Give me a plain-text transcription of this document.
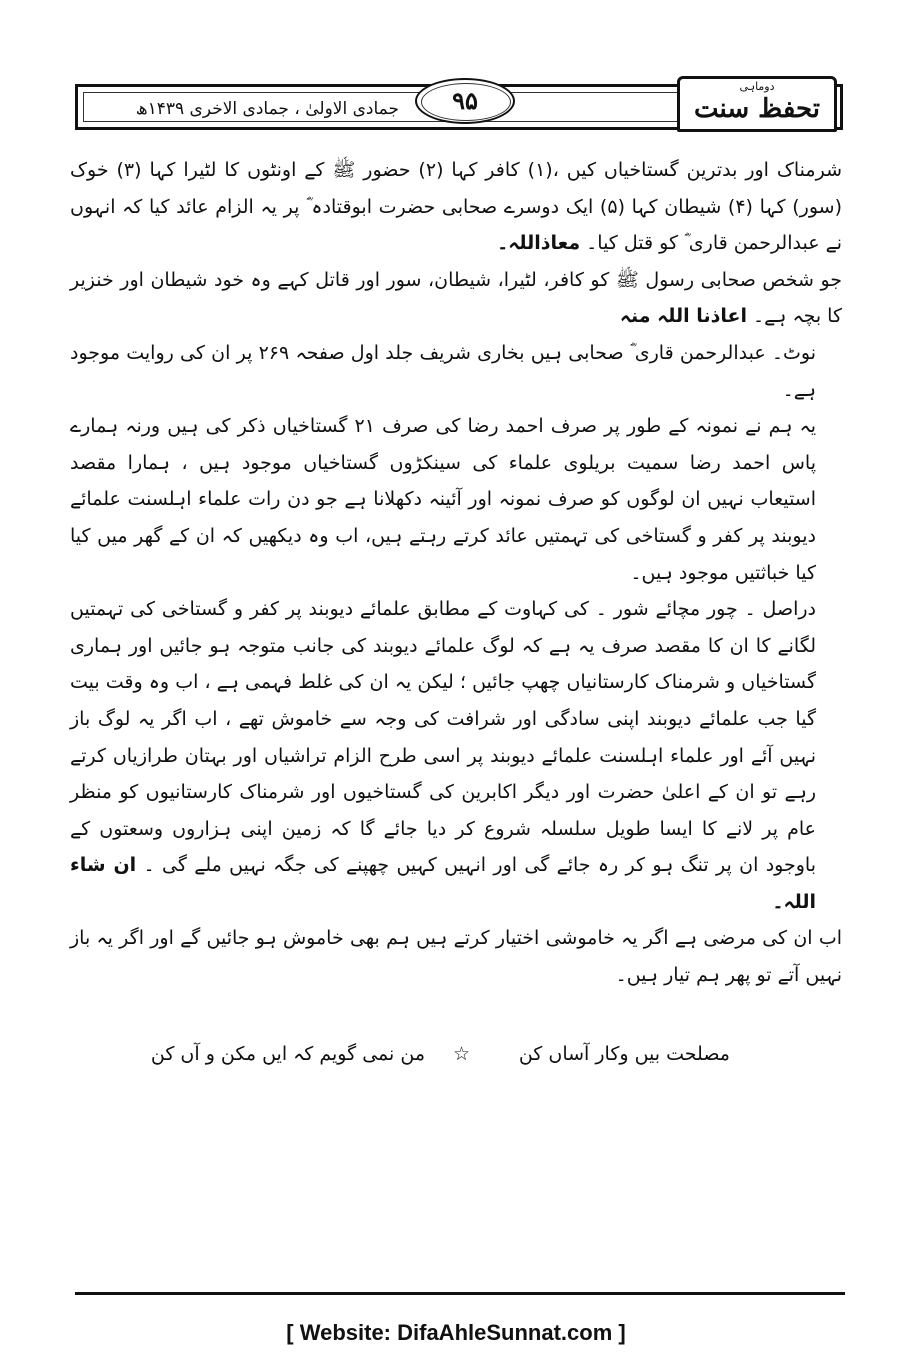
جمادی الاولیٰ ، جمادی الاخری ۱۴۳۹ھ	۹۵	دوماہی
تحفظ سنت

شرمناک اور بدترین گستاخیاں کیں ،(۱) کافر کہا (۲) حضور ﷺ کے اونٹوں کا لٹیرا کہا (۳) خوک (سور) کہا (۴) شیطان کہا (۵) ایک دوسرے صحابی حضرت ابوقتادہ ؓ پر یہ الزام عائد کیا کہ انہوں نے عبدالرحمن قاری ؓ کو قتل کیا۔ معاذاللہ۔

جو شخص صحابی رسول ﷺ کو کافر، لٹیرا، شیطان، سور اور قاتل کہے وہ خود شیطان اور خنزیر کا بچہ ہے۔ اعاذنا اللہ منہ

نوٹ۔ عبدالرحمن قاری ؓ صحابی ہیں بخاری شریف جلد اول صفحہ ۲۶۹ پر ان کی روایت موجود ہے۔

یہ ہم نے نمونہ کے طور پر صرف احمد رضا کی صرف ۲۱ گستاخیاں ذکر کی ہیں ورنہ ہمارے پاس احمد رضا سمیت بریلوی علماء کی سینکڑوں گستاخیاں موجود ہیں ، ہمارا مقصد استیعاب نہیں ان لوگوں کو صرف نمونہ اور آئینہ دکھلانا ہے جو دن رات علماء اہلسنت علمائے دیوبند پر کفر و گستاخی کی تہمتیں عائد کرتے رہتے ہیں، اب وہ دیکھیں کہ ان کے گھر میں کیا کیا خباثتیں موجود ہیں۔

دراصل ۔ چور مچائے شور ۔ کی کہاوت کے مطابق علمائے دیوبند پر کفر و گستاخی کی تہمتیں لگانے کا ان کا مقصد صرف یہ ہے کہ لوگ علمائے دیوبند کی جانب متوجہ ہو جائیں اور ہماری گستاخیاں و شرمناک کارستانیاں چھپ جائیں ؛ لیکن یہ ان کی غلط فہمی ہے ، اب وہ وقت بیت گیا جب علمائے دیوبند اپنی سادگی اور شرافت کی وجہ سے خاموش تھے ، اب اگر یہ لوگ باز نہیں آئے اور علماء اہلسنت علمائے دیوبند پر اسی طرح الزام تراشیاں اور بہتان طرازیاں کرتے رہے تو ان کے اعلیٰ حضرت اور دیگر اکابرین کی گستاخیوں اور شرمناک کارستانیوں کو منظر عام پر لانے کا ایسا طویل سلسلہ شروع کر دیا جائے گا کہ زمین اپنی ہزاروں وسعتوں کے باوجود ان پر تنگ ہو کر رہ جائے گی اور انہیں کہیں چھپنے کی جگہ نہیں ملے گی ۔ ان شاء اللہ۔

اب ان کی مرضی ہے اگر یہ خاموشی اختیار کرتے ہیں ہم بھی خاموش ہو جائیں گے اور اگر یہ باز نہیں آتے تو پھر ہم تیار ہیں۔

مصلحت بیں وکار آساں کن
☆
من نمی گویم کہ ایں مکن و آں کن
[ Website: DifaAhleSunnat.com ]
